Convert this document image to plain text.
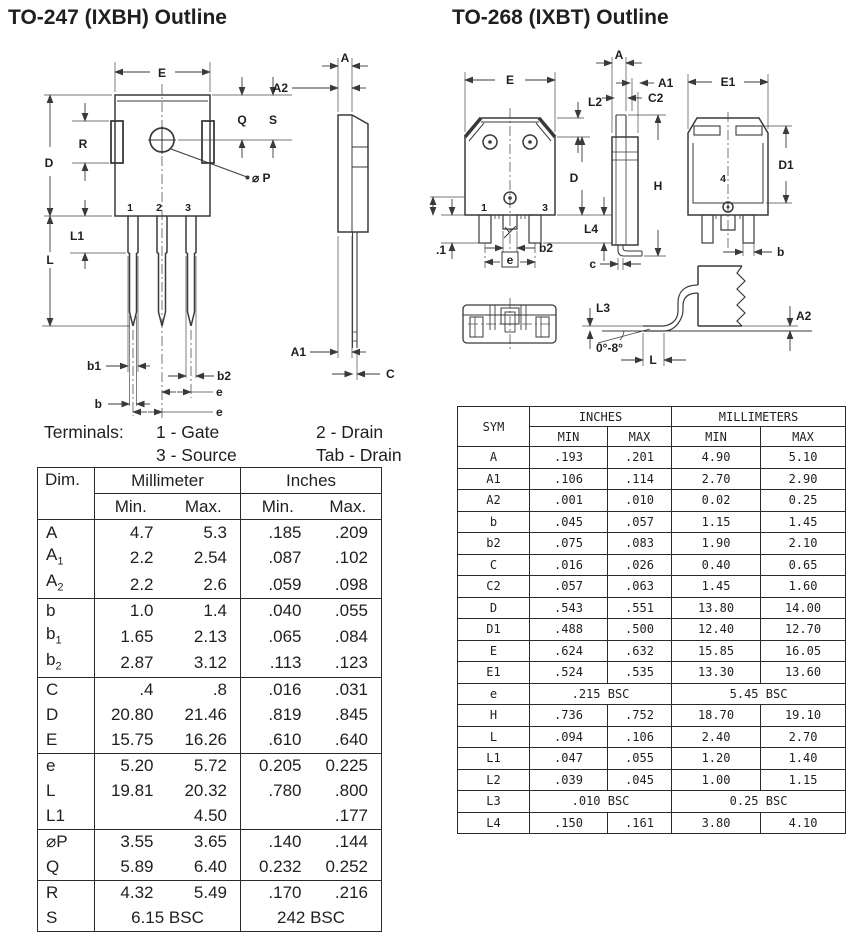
TO-247 (IXBH) Outline	TO-268 (IXBT) Outline
E
D
R
L1
L
Q S
⌀ P
A2
A
A1
C
b1
b
b2
e
e
1 2 3
E
L2
D
L4
b2
e
.1
1	3
A
A1
C2
H
c
E1
D1
b
4
L3
0°-8°
L
A2
Terminals:	1 - Gate	2 - Drain
3 - Source	Tab - Drain
Dim.	Millimeter		Inches	
	Min.	Max.	Min.	Max.
A	4.7	5.3	.185	.209
$A_1$	2.2	2.54	.087	.102
$A_2$	2.2	2.6	.059	.098
b	1.0	1.4	.040	.055
$b_1$	1.65	2.13	.065	.084
$b_2$	2.87	3.12	.113	.123
C	.4	.8	.016	.031
D	20.80	21.46	.819	.845
E	15.75	16.26	.610	.640
e	5.20	5.72	0.205	0.225
L	19.81	20.32	.780	.800
L1		4.50		.177
⌀P	3.55	3.65	.140	.144
Q	5.89	6.40	0.232	0.252
R	4.32	5.49	.170	.216
S	6.15 BSC		242 BSC	
SYM	INCHES		MILLIMETERS	
	MIN	MAX	MIN	MAX
A	.193	.201	4.90	5.10
A1	.106	.114	2.70	2.90
A2	.001	.010	0.02	0.25
b	.045	.057	1.15	1.45
b2	.075	.083	1.90	2.10
C	.016	.026	0.40	0.65
C2	.057	.063	1.45	1.60
D	.543	.551	13.80	14.00
D1	.488	.500	12.40	12.70
E	.624	.632	15.85	16.05
E1	.524	.535	13.30	13.60
e	.215 BSC		5.45 BSC	
H	.736	.752	18.70	19.10
L	.094	.106	2.40	2.70
L1	.047	.055	1.20	1.40
L2	.039	.045	1.00	1.15
L3	.010 BSC		0.25 BSC	
L4	.150	.161	3.80	4.10
